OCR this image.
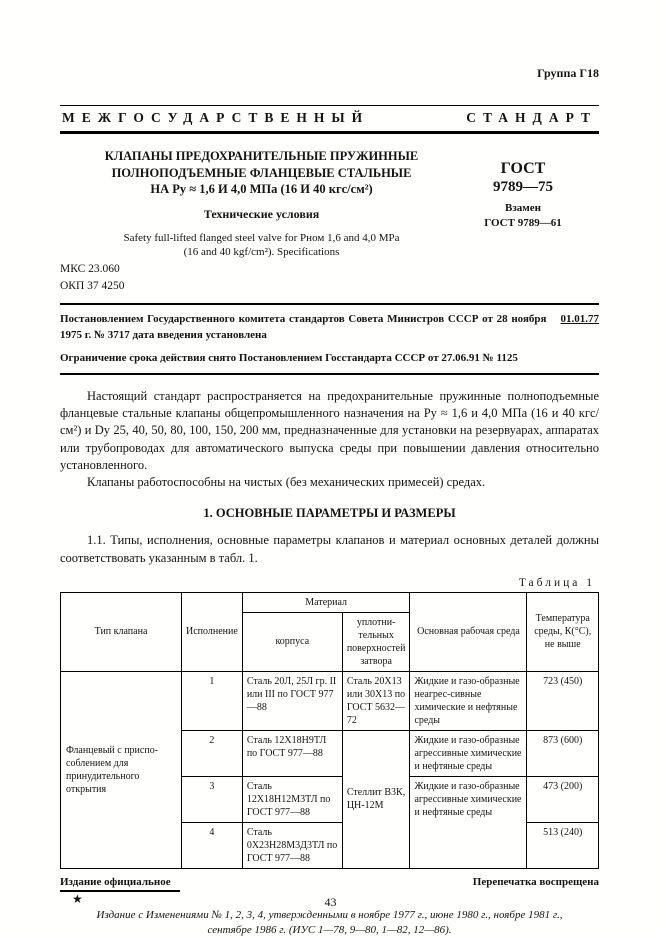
Группа Г18
МЕЖГОСУДАРСТВЕННЫЙ	СТАНДАРТ
КЛАПАНЫ ПРЕДОХРАНИТЕЛЬНЫЕ ПРУЖИННЫЕ
ПОЛНОПОДЪЕМНЫЕ ФЛАНЦЕВЫЕ СТАЛЬНЫЕ
НА Ру ≈ 1,6 И 4,0 МПа (16 И 40 кгс/см²)
Технические условия
Safety full-lifted flanged steel valve for Рном 1,6 and 4,0 MPa
(16 and 40 kgf/cm²). Specifications
ГОСТ
9789—75
Взамен
ГОСТ 9789—61
МКС 23.060
ОКП 37 4250
01.01.77
Постановлением Государственного комитета стандартов Совета Министров СССР от 28 ноября 1975 г. № 3717 дата введения установлена
Ограничение срока действия снято Постановлением Госстандарта СССР от 27.06.91 № 1125
Настоящий стандарт распространяется на предохранительные пружинные полноподъемные фланцевые стальные клапаны общепромышленного назначения на Ру ≈ 1,6 и 4,0 МПа (16 и 40 кгс/см²) и Dу 25, 40, 50, 80, 100, 150, 200 мм, предназначенные для установки на резервуарах, аппаратах или трубопроводах для автоматического выпуска среды при повышении давления относительно установленного.
Клапаны работоспособны на чистых (без механических примесей) средах.
1. ОСНОВНЫЕ ПАРАМЕТРЫ И РАЗМЕРЫ
1.1. Типы, исполнения, основные параметры клапанов и материал основных деталей должны соответствовать указанным в табл. 1.
Таблица 1
Тип клапана	Исполнение	Материал		Основная рабочая среда	Температура среды, К(°С), не выше
		корпуса	уплотни-тельных поверхностей затвора		
Фланцевый с приспо-соблением для принудительного открытия	1	Сталь 20Л, 25Л гр. II или III по ГОСТ 977—88	Сталь 20X13 или 30X13 по ГОСТ 5632—72	Жидкие и газо-образные неагрес-сивные химические и нефтяные среды	723 (450)
	2	Сталь 12X18Н9ТЛ по ГОСТ 977—88	Стеллит В3К, ЦН-12М	Жидкие и газо-образные агрессивные химические и нефтяные среды	873 (600)
	3	Сталь 12X18Н12М3ТЛ по ГОСТ 977—88		Жидкие и газо-образные агрессивные химические и нефтяные среды	473 (200)
	4	Сталь 0X23Н28М3Д3ТЛ по ГОСТ 977—88			513 (240)
Издание официальное	Перепечатка воспрещена
★
Издание с Изменениями № 1, 2, 3, 4, утвержденными в ноябре 1977 г., июне 1980 г., ноябре 1981 г., сентябре 1986 г. (ИУС 1—78, 9—80, 1—82, 12—86).
43
